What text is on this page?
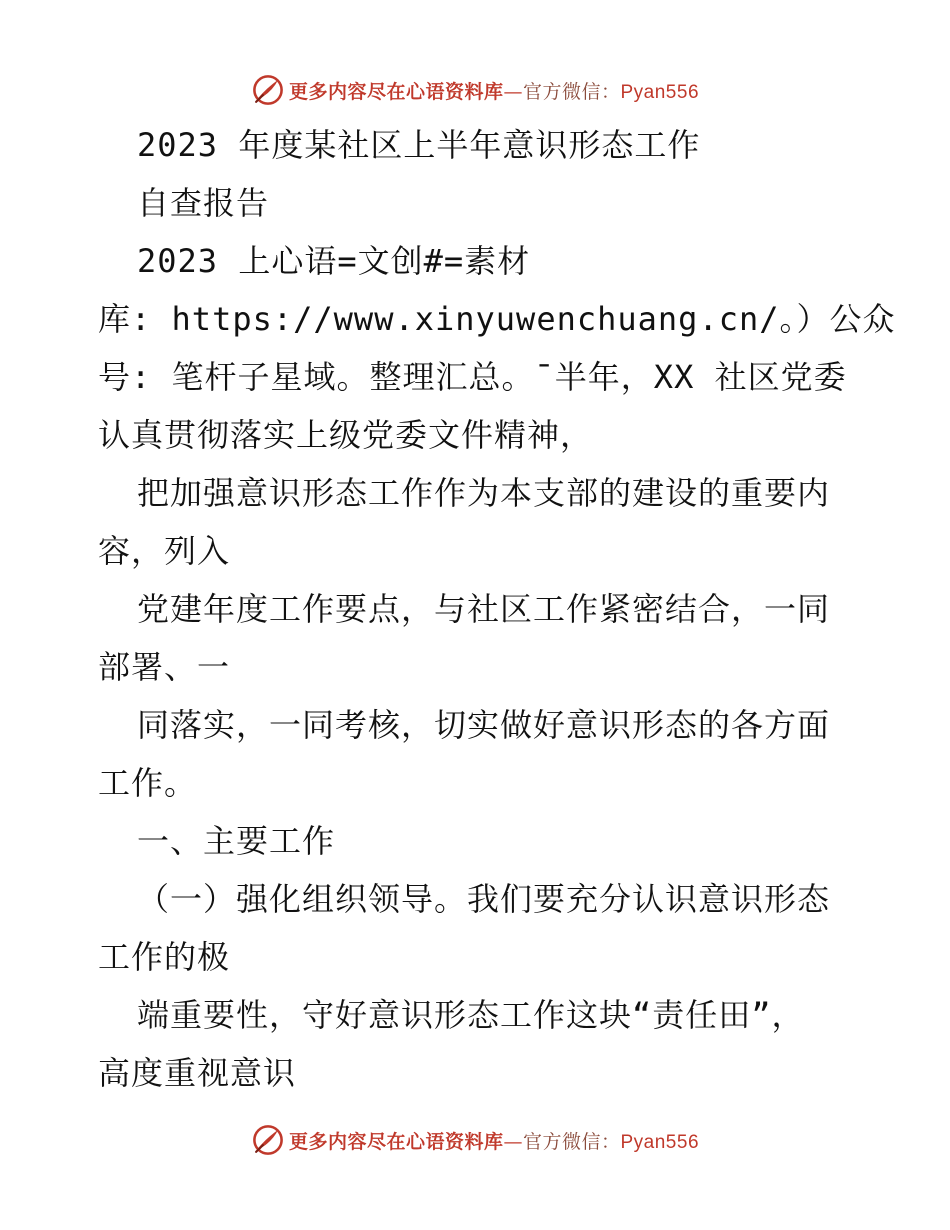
更多内容尽在心语资料库—官方微信：Pyan556
2023 年度某社区上半年意识形态工作
自查报告
2023 上心语=文创#=素材
库: https://www.xinyuwenchuang.cn/。）公众
号: 笔杆子星域。整理汇总。¯半年，XX 社区党委
认真贯彻落实上级党委文件精神，
把加强意识形态工作作为本支部的建设的重要内
容，列入
党建年度工作要点，与社区工作紧密结合，一同
部署、一
同落实，一同考核，切实做好意识形态的各方面
工作。
一、主要工作
（一）强化组织领导。我们要充分认识意识形态
工作的极
端重要性，守好意识形态工作这块“责任田”，
高度重视意识
更多内容尽在心语资料库—官方微信：Pyan556
